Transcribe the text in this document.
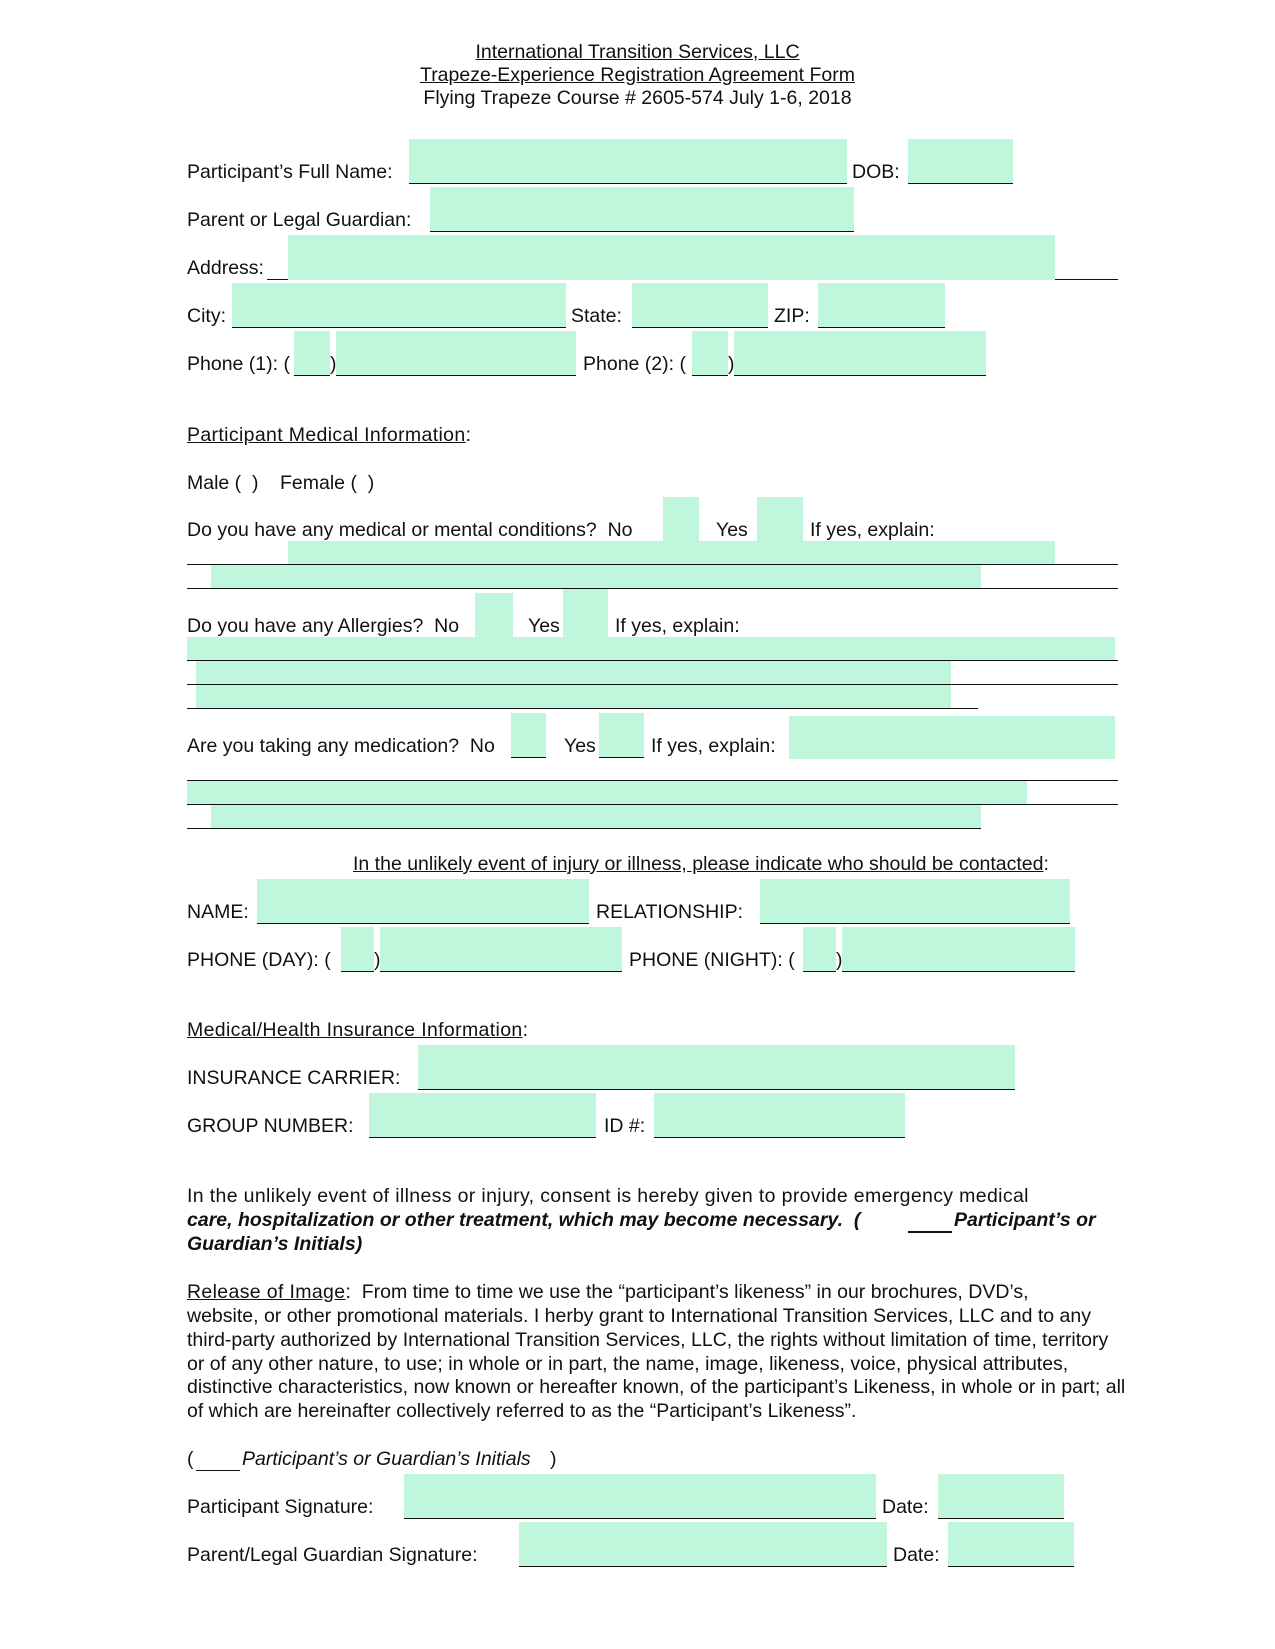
International Transition Services, LLC
Trapeze-Experience Registration Agreement Form
Flying Trapeze Course # 2605-574 July 1-6, 2018
Participant’s Full Name:	DOB:
Parent or Legal Guardian:
Address:
City:	State:	ZIP:
Phone (1): ( )	Phone (2): ( )
Participant Medical Information:
Male (  ) Female (  )
Do you have any medical or mental conditions?  No	Yes	If yes, explain:
Do you have any Allergies?  No	Yes	If yes, explain:
Are you taking any medication?  No	Yes	If yes, explain:
In the unlikely event of injury or illness, please indicate who should be contacted:
NAME:	RELATIONSHIP:
PHONE (DAY): ( )	PHONE (NIGHT): ( )
Medical/Health Insurance Information:
INSURANCE CARRIER:
GROUP NUMBER:	ID #:
In the unlikely event of illness or injury, consent is hereby given to provide emergency medical
care, hospitalization or other treatment, which may become necessary.  (	Participant’s or
Guardian’s Initials)
Release of Image:  From time to time we use the “participant’s likeness” in our brochures, DVD’s,
website, or other promotional materials. I herby grant to International Transition Services, LLC and to any third-party authorized by International Transition Services, LLC, the rights without limitation of time, territory or of any other nature, to use; in whole or in part, the name, image, likeness, voice, physical attributes, distinctive characteristics, now known or hereafter known, of the participant’s Likeness, in whole or in part; all of which are hereinafter collectively referred to as the “Participant’s Likeness”.
( Participant’s or Guardian’s Initials )
Participant Signature:	Date:
Parent/Legal Guardian Signature:	Date:
